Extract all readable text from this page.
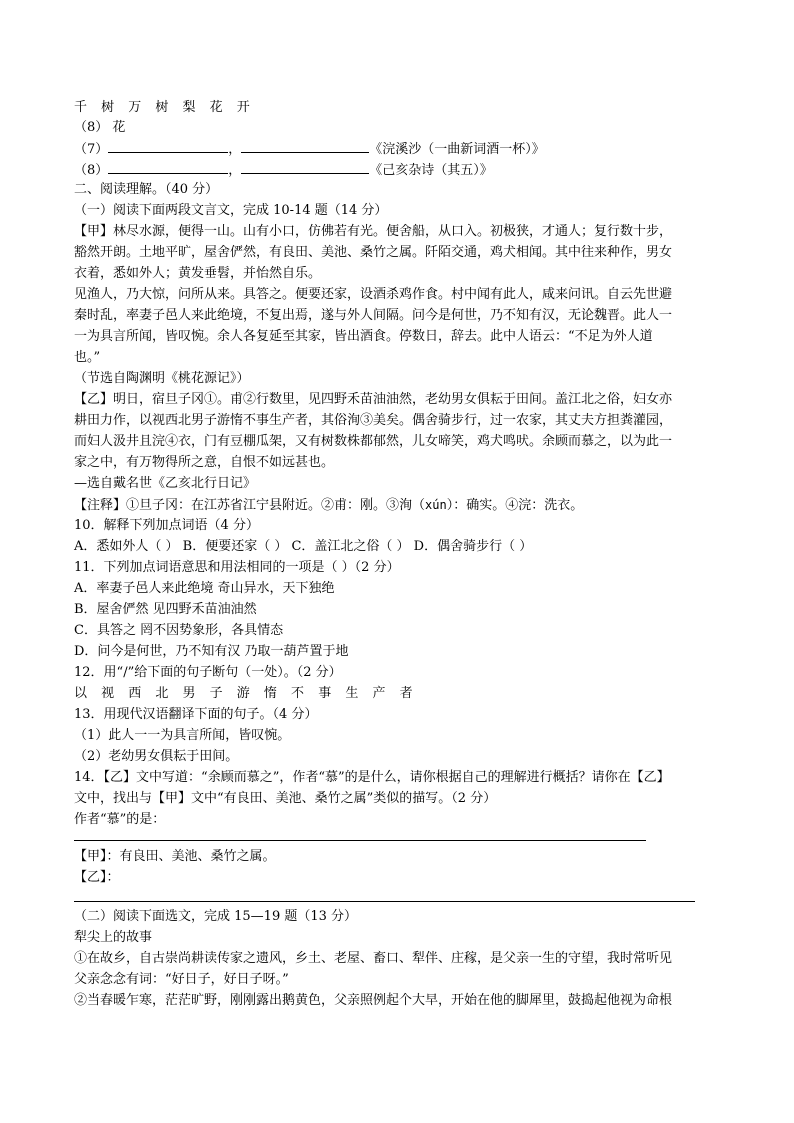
千 树 万 树 梨 花 开
（8） 花
（7）	，	《浣溪沙（一曲新词酒一杯）》
（8）	，	《己亥杂诗（其五）》
二、阅读理解。（40 分）
（一）阅读下面两段文言文，完成 10-14 题（14 分）
【甲】林尽水源，便得一山。山有小口，仿佛若有光。便舍船，从口入。初极狭，才通人；复行数十步，
豁然开朗。土地平旷，屋舍俨然，有良田、美池、桑竹之属。阡陌交通，鸡犬相闻。其中往来种作，男女
衣着，悉如外人；黄发垂髫，并怡然自乐。
见渔人，乃大惊，问所从来。具答之。便要还家，设酒杀鸡作食。村中闻有此人，咸来问讯。自云先世避
秦时乱，率妻子邑人来此绝境，不复出焉，遂与外人间隔。问今是何世，乃不知有汉，无论魏晋。此人一
一为具言所闻，皆叹惋。余人各复延至其家，皆出酒食。停数日，辞去。此中人语云：“不足为外人道
也。”
（节选自陶渊明《桃花源记》）
【乙】明日，宿旦子冈①。甫②行数里，见四野禾苗油油然，老幼男女俱耘于田间。盖江北之俗，妇女亦
耕田力作，以视西北男子游惰不事生产者，其俗洵③美矣。偶舍骑步行，过一农家，其丈夫方担粪灌园，
而妇人汲井且浣④衣，门有豆棚瓜架，又有树数株都郁然，儿女啼笑，鸡犬鸣吠。余顾而慕之，以为此一
家之中，有万物得所之意，自恨不如远甚也。
—选自戴名世《乙亥北行日记》
【注释】①旦子冈：在江苏省江宁县附近。②甫：刚。③洵（xún）：确实。④浣：洗衣。
10．解释下列加点词语（4 分）
A．悉如外人（ ） B．便要还家（ ） C．盖江北之俗（ ） D．偶舍骑步行（ ）
11．下列加点词语意思和用法相同的一项是（ ）（2 分）
A．率妻子邑人来此绝境 奇山异水，天下独绝
B．屋舍俨然 见四野禾苗油油然
C．具答之 罔不因势象形，各具情态
D．问今是何世，乃不知有汉 乃取一葫芦置于地
12．用“/”给下面的句子断句（一处）。（2 分）
以 视 西 北 男 子 游 惰 不 事 生 产 者
13．用现代汉语翻译下面的句子。（4 分）
（1）此人一一为具言所闻，皆叹惋。
（2）老幼男女俱耘于田间。
14．【乙】文中写道：“余顾而慕之”，作者“慕”的是什么，请你根据自己的理解进行概括？请你在【乙】
文中，找出与【甲】文中“有良田、美池、桑竹之属”类似的描写。（2 分）
作者“慕”的是：
【甲】：有良田、美池、桑竹之属。
【乙】：
（二）阅读下面选文，完成 15—19 题（13 分）
犁尖上的故事
①在故乡，自古崇尚耕读传家之遗风，乡土、老屋、畜口、犁伴、庄稼，是父亲一生的守望，我时常听见
父亲念念有词：“好日子，好日子呀。”
②当春暖乍寒，茫茫旷野，刚刚露出鹅黄色，父亲照例起个大早，开始在他的脚犀里，鼓捣起他视为命根
